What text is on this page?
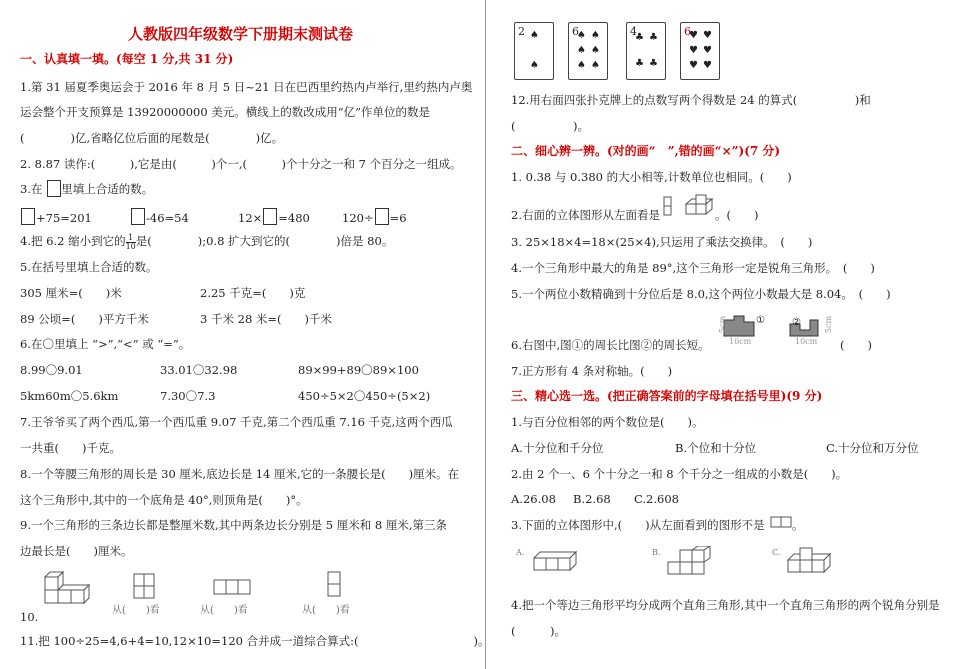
人教版四年级数学下册期末测试卷
一、认真填一填。(每空 1 分,共 31 分)
1.第 31 届夏季奥运会于 2016 年 8 月 5 日~21 日在巴西里约热内卢举行,里约热内卢奥
运会整个开支预算是 13920000000 美元。横线上的数改成用“亿”作单位的数是
(　　　　)亿,省略亿位后面的尾数是(　　　　)亿。
2. 8.87 读作:(　　　),它是由(　　　)个一,(　　　)个十分之一和 7 个百分之一组成。
3.在 　 里填上合适的数。
+75=201	-46=54	12× =480	120÷ =6
4.把 6.2 缩小到它的 $\frac{1}{10}$ 是(　　　　);0.8 扩大到它的(　　　　)倍是 80。
5.在括号里填上合适的数。
305 厘米=(　　)米	2.25 千克=(　　)克
89 公顷=(　　)平方千米	3 千米 28 米=(　　)千米
6.在〇里填上 “>”,“<” 或 “=”。
8.99〇9.01	33.01〇32.98	89×99+89〇89×100
5km60m〇5.6km	7.30〇7.3	450÷5×2〇450÷(5×2)
7.王爷爷买了两个西瓜,第一个西瓜重 9.07 千克,第二个西瓜重 7.16 千克,这两个西瓜
一共重(　　)千克。
8.一个等腰三角形的周长是 30 厘米,底边长是 14 厘米,它的一条腰长是(　　)厘米。在
这个三角形中,其中的一个底角是 40°,则顶角是(　　)°。
9.一个三角形的三条边长都是整厘米数,其中两条边长分别是 5 厘米和 8 厘米,第三条
边最长是(　　)厘米。
10.	从(　　)看	从(　　)看	从(　　)看
11.把 100÷25=4,6+4=10,12×10=120 合并成一道综合算式:(　　　　　　　　　　)。
2 ♠
♠
6
♠ ♠
♠ ♠
♠ ♠
4
♣ ♣
♣ ♣
6
♥ ♥
♥ ♥
♥ ♥
12.用右面四张扑克牌上的点数写两个得数是 24 的算式(　　　　　)和
(　　　　　)。
二、细心辨一辨。(对的画“　”,错的画“×”)(7 分)
1. 0.38 与 0.380 的大小相等,计数单位也相同。(　　)
2.右面的立体图形从左面看是	。(　　)
3. 25×18×4=18×(25×4),只运用了乘法交换律。　(　　)
4.一个三角形中最大的角是 89°,这个三角形一定是锐角三角形。　(　　)
5.一个两位小数精确到十分位后是 8.0,这个两位小数最大是 8.04。　(　　)
6.右图中,图①的周长比图②的周长短。
5cm
10cm	10cm
①	②	5cm
(　　)
7.正方形有 4 条对称轴。(　　)
三、精心选一选。(把正确答案前的字母填在括号里)(9 分)
1.与百分位相邻的两个数位是(　　)。
A.十分位和千分位	B.个位和十分位	C.十分位和万分位
2.由 2 个一、6 个十分之一和 8 个千分之一组成的小数是(　　)。
A.26.08 B.2.68 C.2.608
3.下面的立体图形中,(　　)从左面看到的图形不是 。
A.	B.	C.
4.把一个等边三角形平均分成两个直角三角形,其中一个直角三角形的两个锐角分别是
(　　　)。
